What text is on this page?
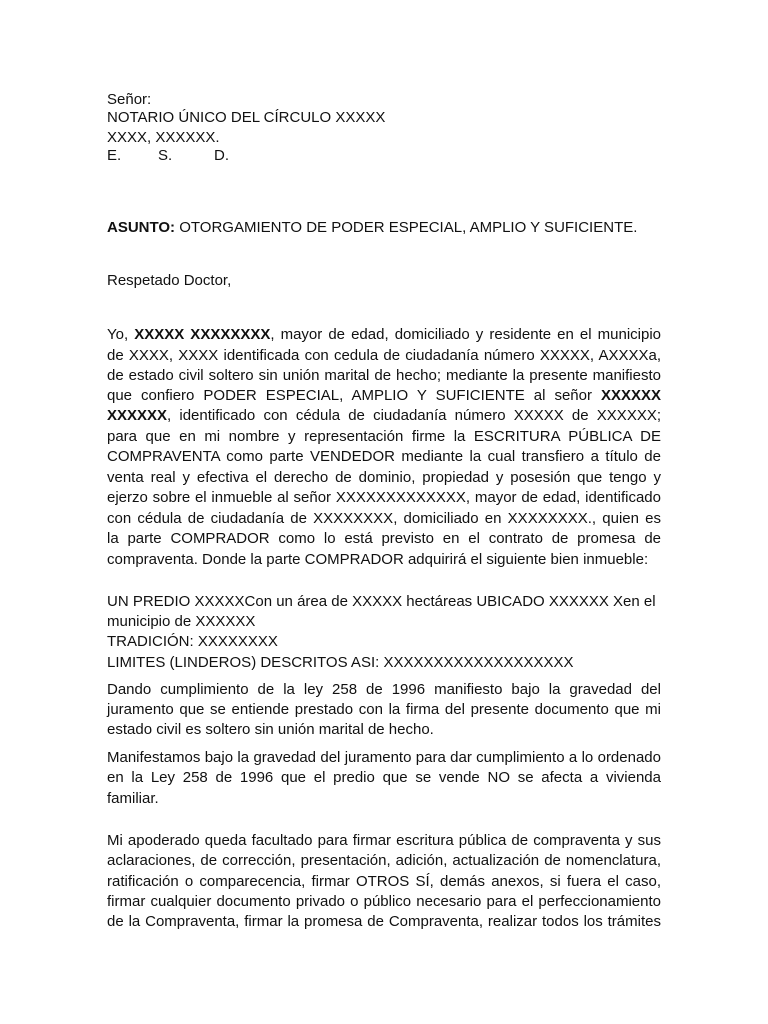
Señor:
NOTARIO ÚNICO DEL CÍRCULO XXXXX
XXXX, XXXXXX.
E. S.	D.
ASUNTO: OTORGAMIENTO DE PODER ESPECIAL, AMPLIO Y SUFICIENTE.
Respetado Doctor,
Yo, XXXXX XXXXXXXX, mayor de edad, domiciliado y residente en el municipio
de XXXX, XXXX identificada con cedula de ciudadanía número XXXXX, AXXXXa,
de estado civil soltero sin unión marital de hecho; mediante la presente manifiesto
que confiero PODER ESPECIAL, AMPLIO Y SUFICIENTE al señor XXXXXX
XXXXXX, identificado con cédula de ciudadanía número XXXXX de XXXXXX;
para que en mi nombre y representación firme la ESCRITURA PÚBLICA DE
COMPRAVENTA como parte VENDEDOR mediante la cual transfiero a título de
venta real y efectiva el derecho de dominio, propiedad y posesión que tengo y
ejerzo sobre el inmueble al señor XXXXXXXXXXXXX, mayor de edad, identificado
con cédula de ciudadanía de XXXXXXXX, domiciliado en XXXXXXXX., quien es
la parte COMPRADOR como lo está previsto en el contrato de promesa de
compraventa. Donde la parte COMPRADOR adquirirá el siguiente bien inmueble:
UN PREDIO XXXXXCon un área de XXXXX hectáreas UBICADO XXXXXX Xen el
municipio de XXXXXX
TRADICIÓN: XXXXXXXX
LIMITES (LINDEROS) DESCRITOS ASI: XXXXXXXXXXXXXXXXXXX
Dando cumplimiento de la ley 258 de 1996 manifiesto bajo la gravedad del
juramento que se entiende prestado con la firma del presente documento que mi
estado civil es soltero sin unión marital de hecho.
Manifestamos bajo la gravedad del juramento para dar cumplimiento a lo ordenado
en la Ley 258 de 1996 que el predio que se vende NO se afecta a vivienda
familiar.
Mi apoderado queda facultado para firmar escritura pública de compraventa y sus
aclaraciones, de corrección, presentación, adición, actualización de nomenclatura,
ratificación o comparecencia, firmar OTROS SÍ, demás anexos, si fuera el caso,
firmar cualquier documento privado o público necesario para el perfeccionamiento
de la Compraventa, firmar la promesa de Compraventa, realizar todos los trámites
